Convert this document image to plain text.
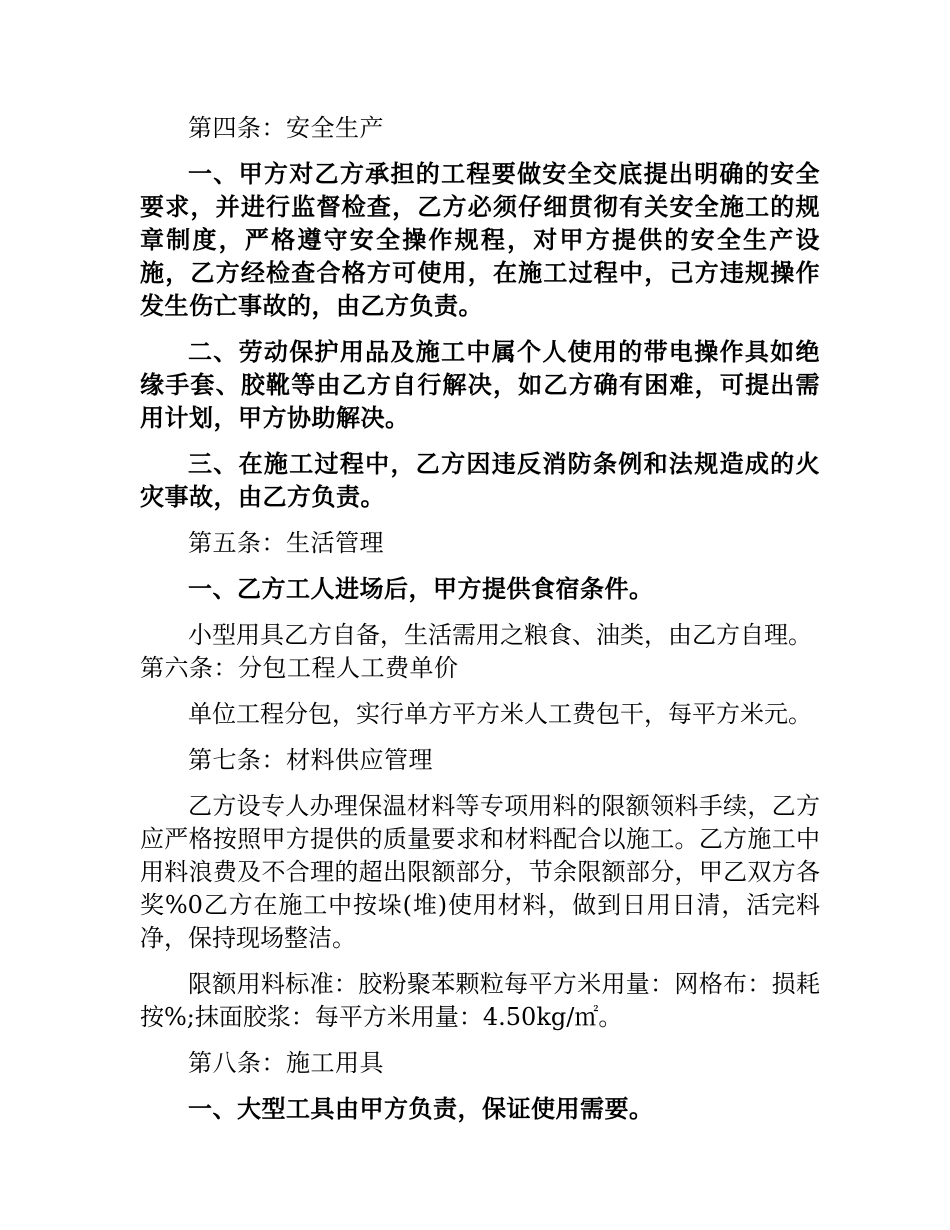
第四条：安全生产

一、甲方对乙方承担的工程要做安全交底提出明确的安全要求，并进行监督检查，乙方必须仔细贯彻有关安全施工的规章制度，严格遵守安全操作规程，对甲方提供的安全生产设施，乙方经检查合格方可使用，在施工过程中，己方违规操作发生伤亡事故的，由乙方负责。

二、劳动保护用品及施工中属个人使用的带电操作具如绝缘手套、胶靴等由乙方自行解决，如乙方确有困难，可提出需用计划，甲方协助解决。

三、在施工过程中，乙方因违反消防条例和法规造成的火灾事故，由乙方负责。

第五条：生活管理

一、乙方工人进场后，甲方提供食宿条件。

小型用具乙方自备，生活需用之粮食、油类，由乙方自理。

第六条：分包工程人工费单价

单位工程分包，实行单方平方米人工费包干，每平方米元。

第七条：材料供应管理

乙方设专人办理保温材料等专项用料的限额领料手续，乙方应严格按照甲方提供的质量要求和材料配合以施工。乙方施工中用料浪费及不合理的超出限额部分，节余限额部分，甲乙双方各奖%0乙方在施工中按垛(堆)使用材料，做到日用日清，活完料净，保持现场整洁。

限额用料标准：胶粉聚苯颗粒每平方米用量：网格布：损耗按%;抹面胶浆：每平方米用量：4.50kg/㎡。

第八条：施工用具

一、大型工具由甲方负责，保证使用需要。
